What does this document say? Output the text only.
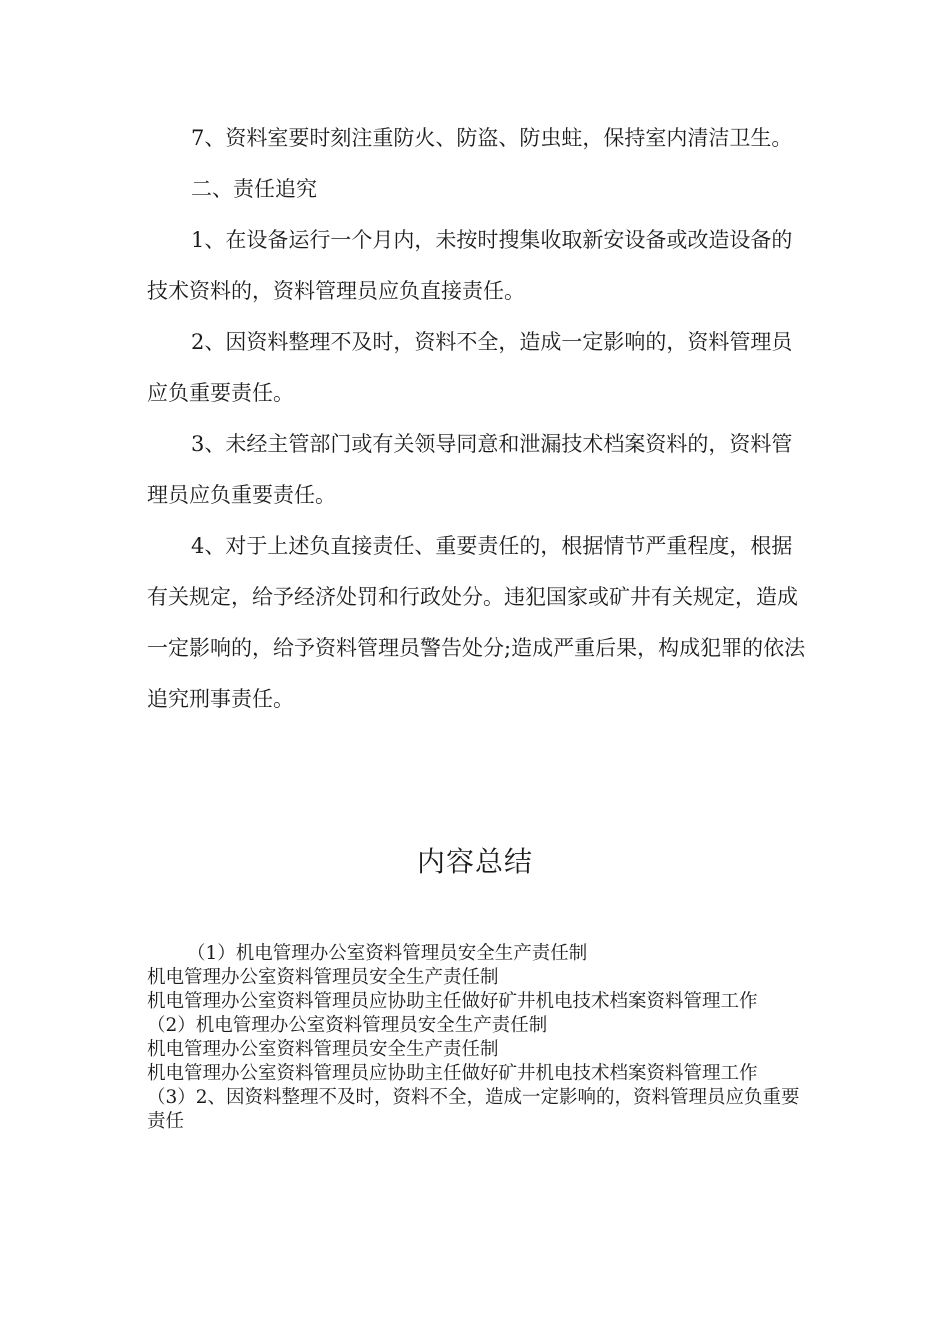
7、资料室要时刻注重防火、防盗、防虫蛀，保持室内清洁卫生。

二、责任追究

1、在设备运行一个月内，未按时搜集收取新安设备或改造设备的技术资料的，资料管理员应负直接责任。

2、因资料整理不及时，资料不全，造成一定影响的，资料管理员应负重要责任。

3、未经主管部门或有关领导同意和泄漏技术档案资料的，资料管理员应负重要责任。

4、对于上述负直接责任、重要责任的，根据情节严重程度，根据有关规定，给予经济处罚和行政处分。违犯国家或矿井有关规定，造成一定影响的，给予资料管理员警告处分;造成严重后果，构成犯罪的依法追究刑事责任。

内容总结

（1）机电管理办公室资料管理员安全生产责任制

机电管理办公室资料管理员安全生产责任制

机电管理办公室资料管理员应协助主任做好矿井机电技术档案资料管理工作

（2）机电管理办公室资料管理员安全生产责任制

机电管理办公室资料管理员安全生产责任制

机电管理办公室资料管理员应协助主任做好矿井机电技术档案资料管理工作

（3）2、因资料整理不及时，资料不全，造成一定影响的，资料管理员应负重要责任
